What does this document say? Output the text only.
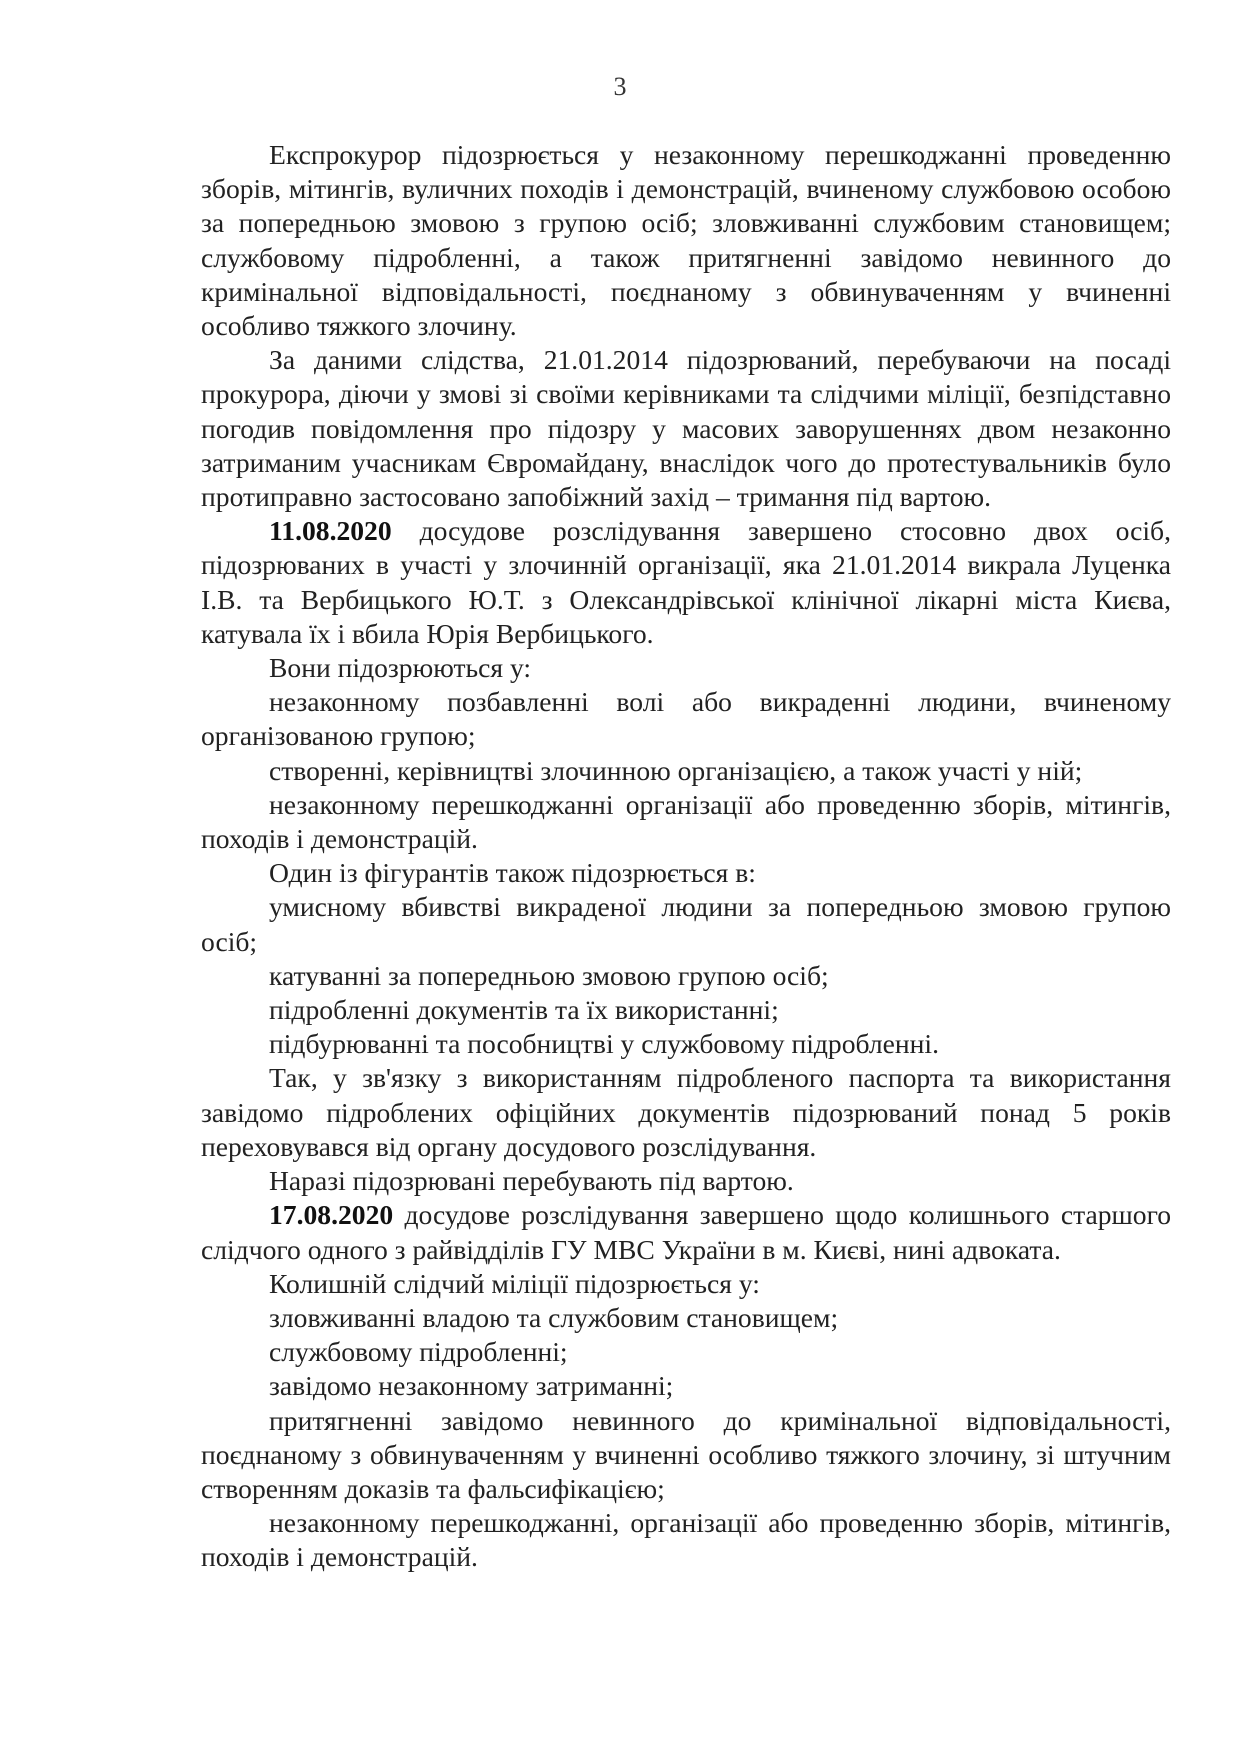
3

Експрокурор підозрюється у незаконному перешкоджанні проведенню зборів, мітингів, вуличних походів і демонстрацій, вчиненому службовою особою за попередньою змовою з групою осіб; зловживанні службовим становищем; службовому підробленні, а також притягненні завідомо невинного до кримінальної відповідальності, поєднаному з обвинуваченням у вчиненні особливо тяжкого злочину.

За даними слідства, 21.01.2014 підозрюваний, перебуваючи на посаді прокурора, діючи у змові зі своїми керівниками та слідчими міліції, безпідставно погодив повідомлення про підозру у масових заворушеннях двом незаконно затриманим учасникам Євромайдану, внаслідок чого до протестувальників було протиправно застосовано запобіжний захід – тримання під вартою.

11.08.2020 досудове розслідування завершено стосовно двох осіб, підозрюваних в участі у злочинній організації, яка 21.01.2014 викрала Луценка І.В. та Вербицького Ю.Т. з Олександрівської клінічної лікарні міста Києва, катувала їх і вбила Юрія Вербицького.

Вони підозрюються у:

незаконному позбавленні волі або викраденні людини, вчиненому організованою групою;

створенні, керівництві злочинною організацією, а також участі у ній;

незаконному перешкоджанні організації або проведенню зборів, мітингів, походів і демонстрацій.

Один із фігурантів також підозрюється в:

умисному вбивстві викраденої людини за попередньою змовою групою осіб;

катуванні за попередньою змовою групою осіб;

підробленні документів та їх використанні;

підбурюванні та пособництві у службовому підробленні.

Так, у зв'язку з використанням підробленого паспорта та використання завідомо підроблених офіційних документів підозрюваний понад 5 років переховувався від органу досудового розслідування.

Наразі підозрювані перебувають під вартою.

17.08.2020 досудове розслідування завершено щодо колишнього старшого слідчого одного з райвідділів ГУ МВС України в м. Києві, нині адвоката.

Колишній слідчий міліції підозрюється у:

зловживанні владою та службовим становищем;

службовому підробленні;

завідомо незаконному затриманні;

притягненні завідомо невинного до кримінальної відповідальності, поєднаному з обвинуваченням у вчиненні особливо тяжкого злочину, зі штучним створенням доказів та фальсифікацією;

незаконному перешкоджанні, організації або проведенню зборів, мітингів, походів і демонстрацій.
